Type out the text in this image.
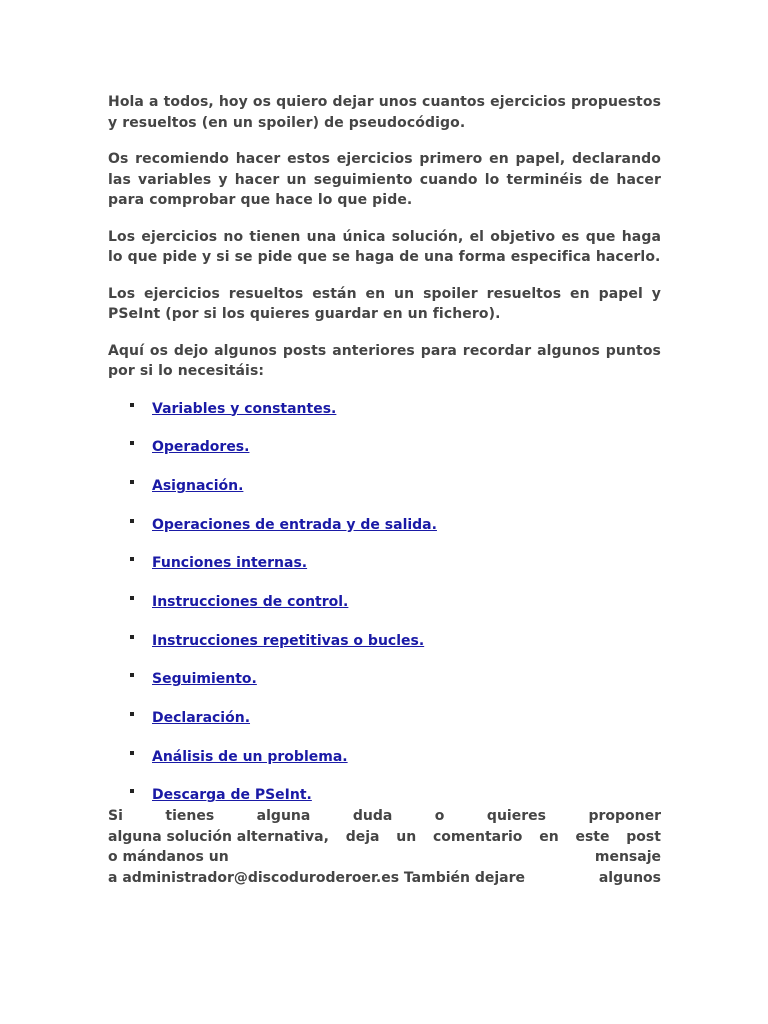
Hola a todos, hoy os quiero dejar unos cuantos ejercicios propuestos y resueltos (en un spoiler) de pseudocódigo.

Os recomiendo hacer estos ejercicios primero en papel, declarando las variables y hacer un seguimiento cuando lo terminéis de hacer para comprobar que hace lo que pide.

Los ejercicios no tienen una única solución, el objetivo es que haga lo que pide y si se pide que se haga de una forma especifica hacerlo.

Los ejercicios resueltos están en un spoiler resueltos en papel y PSeInt (por si los quieres guardar en un fichero).

Aquí os dejo algunos posts anteriores para recordar algunos puntos por si lo necesitáis:

Variables y constantes.
Operadores.
Asignación.
Operaciones de entrada y de salida.
Funciones internas.
Instrucciones de control.
Instrucciones repetitivas o bucles.
Seguimiento.
Declaración.
Análisis de un problema.
Descarga de PSeInt.

Si	tienes	alguna	duda	o	quieres	proponer

alguna solución alternativa, deja un comentario en este post

o mándanos un	mensaje

a administrador@discoduroderoer.es También dejare	algunos
